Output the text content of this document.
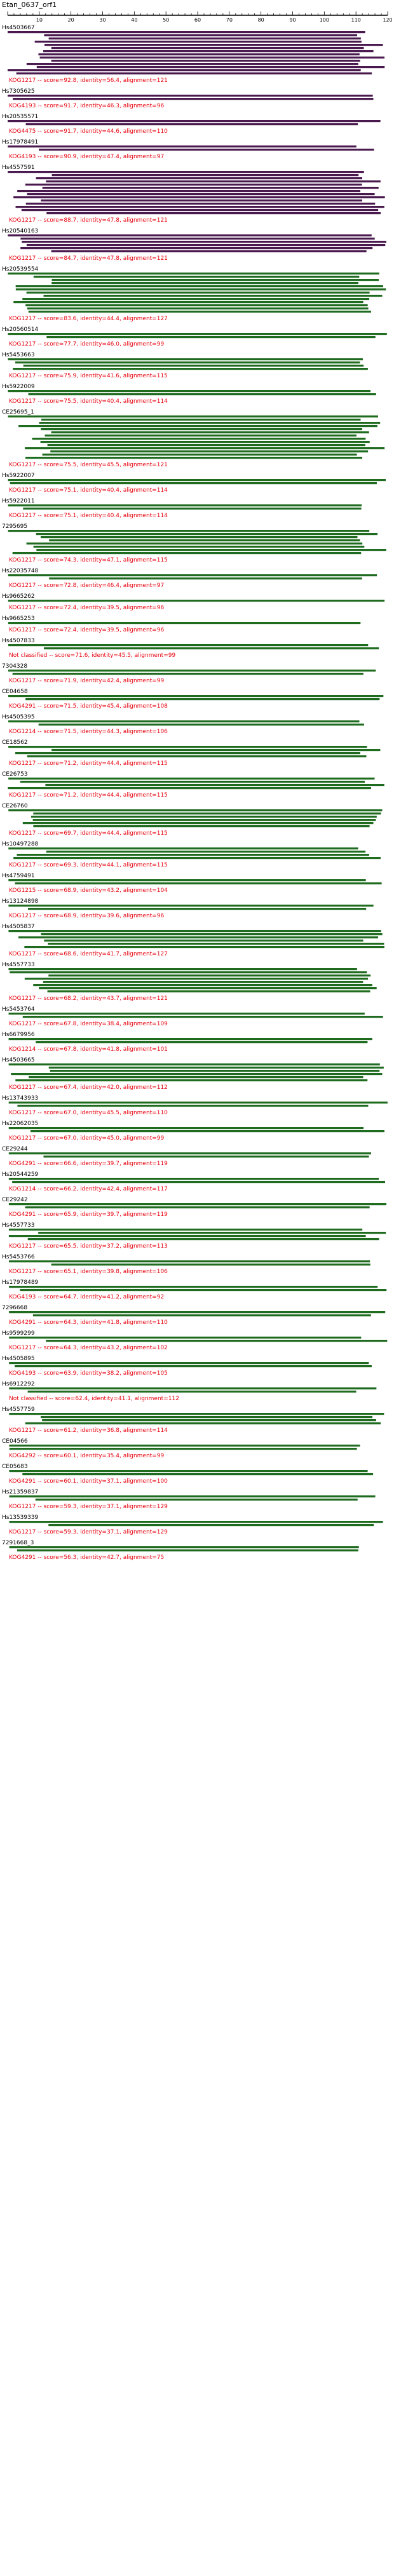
Etan_0637_orf1
10	20	30	40	50	60	70	80	90	100	110	120
Hs4503667
KOG1217 -- score=92.8, identity=56.4, alignment=121
Hs7305625
KOG4193 -- score=91.7, identity=46.3, alignment=96
Hs20535571
KOG4475 -- score=91.7, identity=44.6, alignment=110
Hs17978491
KOG4193 -- score=90.9, identity=47.4, alignment=97
Hs4557591
KOG1217 -- score=88.7, identity=47.8, alignment=121
Hs20540163
KOG1217 -- score=84.7, identity=47.8, alignment=121
Hs20539554
KOG1217 -- score=83.6, identity=44.4, alignment=127
Hs20560514
KOG1217 -- score=77.7, identity=46.0, alignment=99
Hs5453663
KOG1217 -- score=75.9, identity=41.6, alignment=115
Hs5922009
KOG1217 -- score=75.5, identity=40.4, alignment=114
CE25695_1
KOG1217 -- score=75.5, identity=45.5, alignment=121
Hs5922007
KOG1217 -- score=75.1, identity=40.4, alignment=114
Hs5922011
KOG1217 -- score=75.1, identity=40.4, alignment=114
7295695
KOG1217 -- score=74.3, identity=47.1, alignment=115
Hs22035748
KOG1217 -- score=72.8, identity=46.4, alignment=97
Hs9665262
KOG1217 -- score=72.4, identity=39.5, alignment=96
Hs9665253
KOG1217 -- score=72.4, identity=39.5, alignment=96
Hs4507833
Not classified -- score=71.6, identity=45.5, alignment=99
7304328
KOG1217 -- score=71.9, identity=42.4, alignment=99
CE04658
KOG4291 -- score=71.5, identity=45.4, alignment=108
Hs4505395
KOG1214 -- score=71.5, identity=44.3, alignment=106
CE18562
KOG1217 -- score=71.2, identity=44.4, alignment=115
CE26753
KOG1217 -- score=71.2, identity=44.4, alignment=115
CE26760
KOG1217 -- score=69.7, identity=44.4, alignment=115
Hs10497288
KOG1217 -- score=69.3, identity=44.1, alignment=115
Hs4759491
KOG1215 -- score=68.9, identity=43.2, alignment=104
Hs13124898
KOG1217 -- score=68.9, identity=39.6, alignment=96
Hs4505837
KOG1217 -- score=68.6, identity=41.7, alignment=127
Hs4557733
KOG1217 -- score=68.2, identity=43.7, alignment=121
Hs5453764
KOG1217 -- score=67.8, identity=38.4, alignment=109
Hs6679956
KOG1214 -- score=67.8, identity=41.8, alignment=101
Hs4503665
KOG1217 -- score=67.4, identity=42.0, alignment=112
Hs13743933
KOG1217 -- score=67.0, identity=45.5, alignment=110
Hs22062035
KOG1217 -- score=67.0, identity=45.0, alignment=99
CE29244
KOG4291 -- score=66.6, identity=39.7, alignment=119
Hs20544259
KOG1214 -- score=66.2, identity=42.4, alignment=117
CE29242
KOG4291 -- score=65.9, identity=39.7, alignment=119
Hs4557733
KOG1217 -- score=65.5, identity=37.2, alignment=113
Hs5453766
KOG1217 -- score=65.1, identity=39.8, alignment=106
Hs17978489
KOG4193 -- score=64.7, identity=41.2, alignment=92
7296668
KOG4291 -- score=64.3, identity=41.8, alignment=110
Hs9599299
KOG1217 -- score=64.3, identity=43.2, alignment=102
Hs4505895
KOG4193 -- score=63.9, identity=38.2, alignment=105
Hs6912292
Not classified -- score=62.4, identity=41.1, alignment=112
Hs4557759
KOG1217 -- score=61.2, identity=36.8, alignment=114
CE04566
KOG4292 -- score=60.1, identity=35.4, alignment=99
CE05683
KOG4291 -- score=60.1, identity=37.1, alignment=100
Hs21359837
KOG1217 -- score=59.3, identity=37.1, alignment=129
Hs13539339
KOG1217 -- score=59.3, identity=37.1, alignment=129
7291668_3
KOG4291 -- score=56.3, identity=42.7, alignment=75
